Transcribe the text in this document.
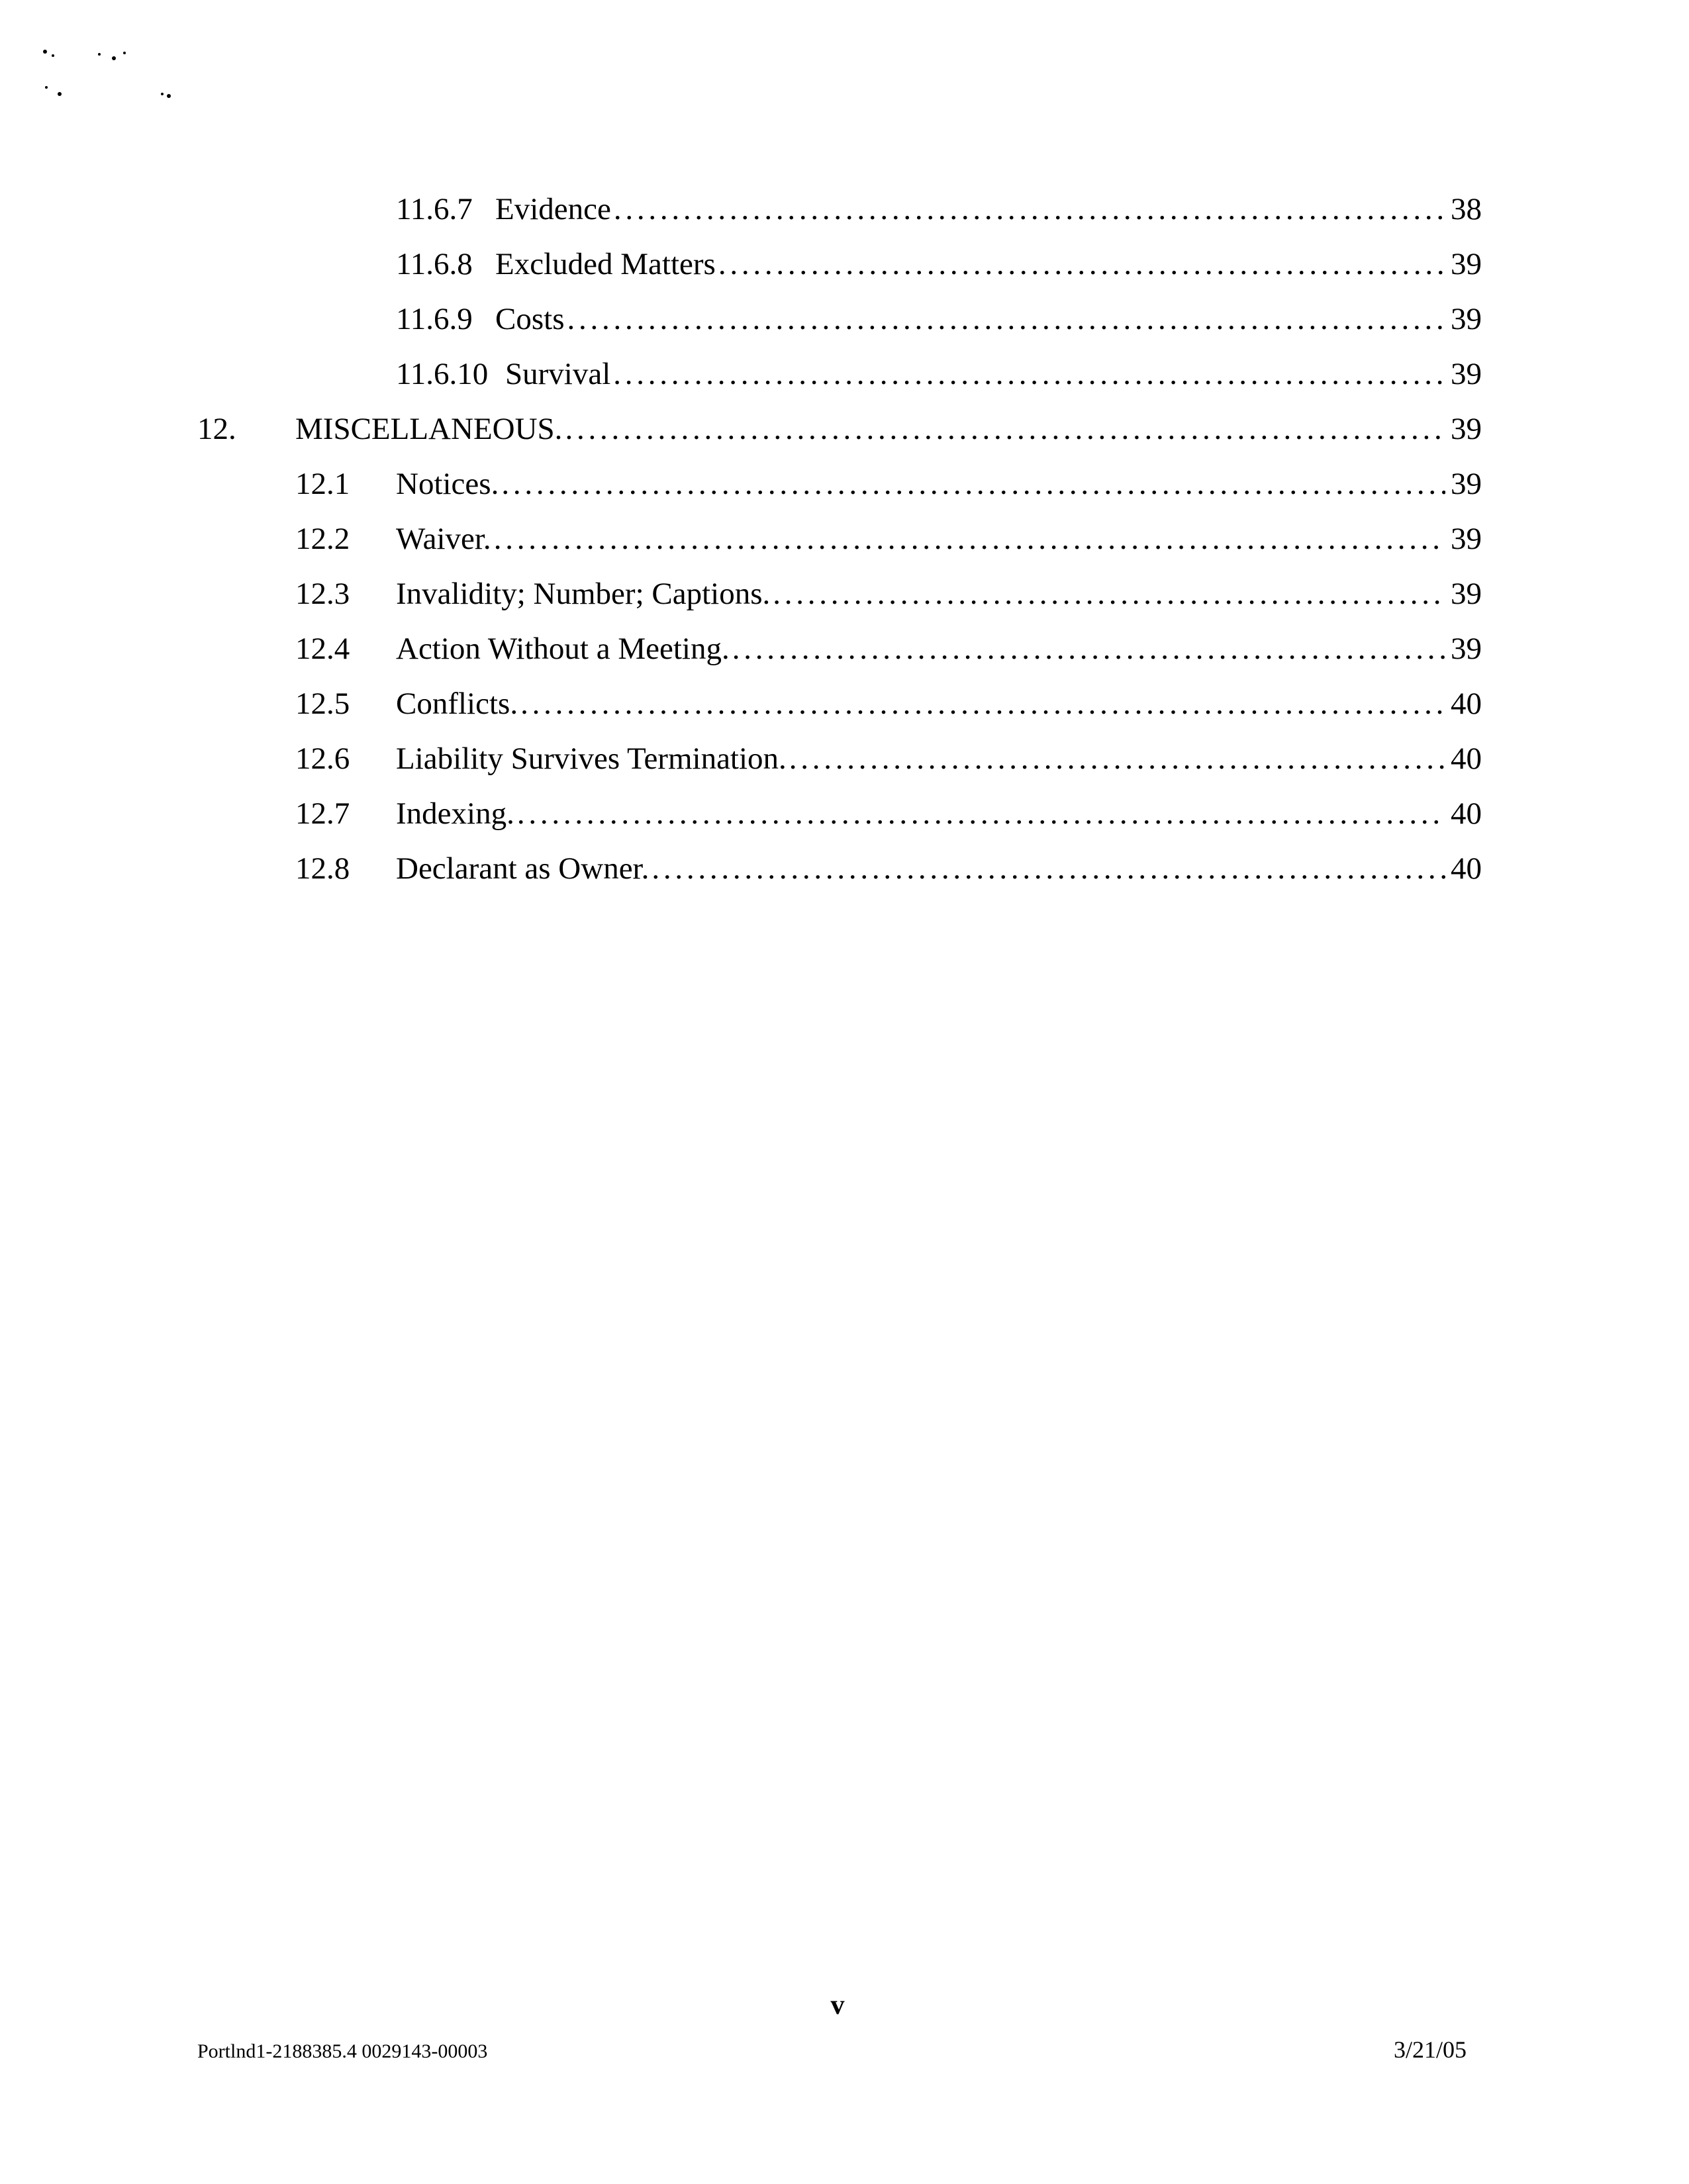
11.6.7 Evidence . . .	38
11.6.8 Excluded Matters . . .	39
11.6.9 Costs . . .	39
11.6.10 Survival . . .	39
12.	MISCELLANEOUS. . . .	39
12.1	Notices. . . .	39
12.2	Waiver. . . .	39
12.3	Invalidity; Number; Captions. . . .	39
12.4	Action Without a Meeting. . . .	39
12.5	Conflicts. . . .	40
12.6	Liability Survives Termination. . . .	40
12.7	Indexing. . . .	40
12.8	Declarant as Owner. . . .	40
v
Portlnd1-2188385.4 0029143-00003	3/21/05
